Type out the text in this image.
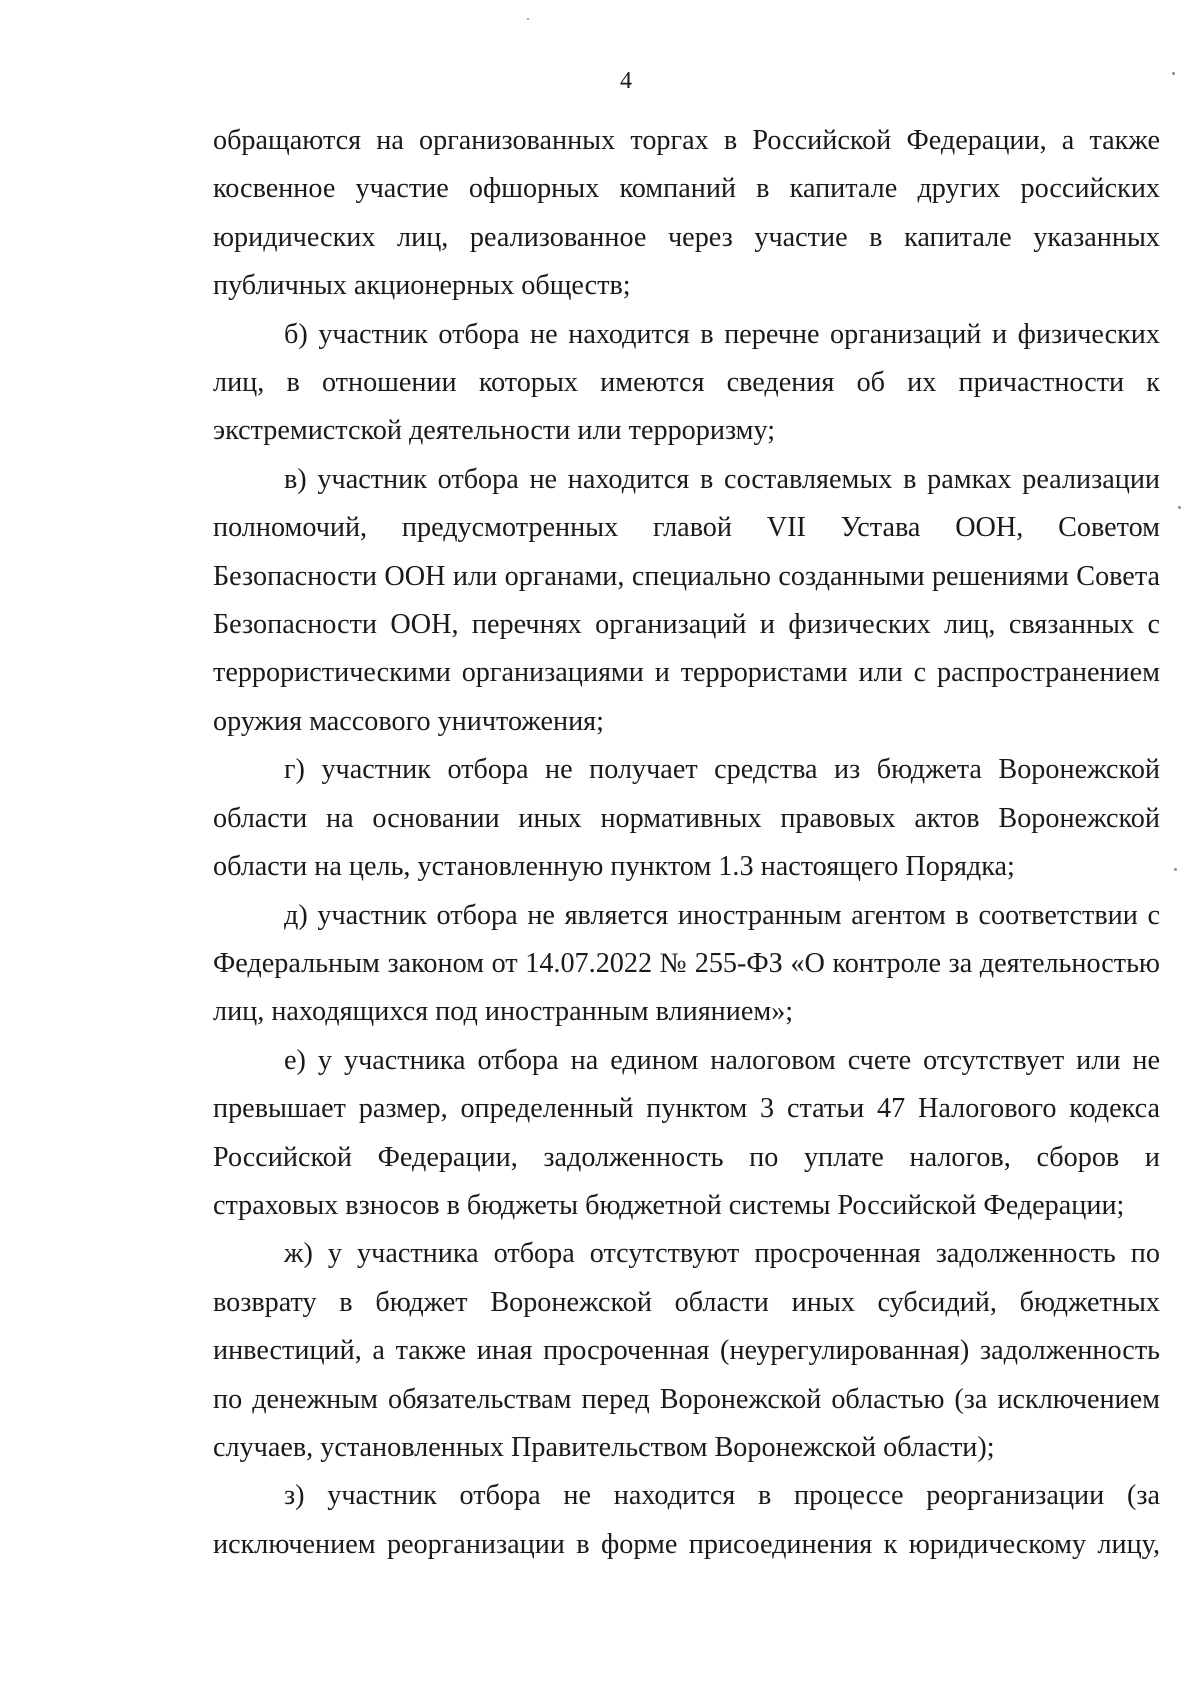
4

обращаются на организованных торгах в Российской Федерации, а также косвенное участие офшорных компаний в капитале других российских юридических лиц, реализованное через участие в капитале указанных публичных акционерных обществ;

б) участник отбора не находится в перечне организаций и физических лиц, в отношении которых имеются сведения об их причастности к экстремистской деятельности или терроризму;

в) участник отбора не находится в составляемых в рамках реализации полномочий, предусмотренных главой VII Устава ООН, Советом Безопасности ООН или органами, специально созданными решениями Совета Безопасности ООН, перечнях организаций и физических лиц, связанных с террористическими организациями и террористами или с распространением оружия массового уничтожения;

г) участник отбора не получает средства из бюджета Воронежской области на основании иных нормативных правовых актов Воронежской области на цель, установленную пунктом 1.3 настоящего Порядка;

д) участник отбора не является иностранным агентом в соответствии с Федеральным законом от 14.07.2022 № 255-ФЗ «О контроле за деятельностью лиц, находящихся под иностранным влиянием»;

е) у участника отбора на едином налоговом счете отсутствует или не превышает размер, определенный пунктом 3 статьи 47 Налогового кодекса Российской Федерации, задолженность по уплате налогов, сборов и страховых взносов в бюджеты бюджетной системы Российской Федерации;

ж) у участника отбора отсутствуют просроченная задолженность по возврату в бюджет Воронежской области иных субсидий, бюджетных инвестиций, а также иная просроченная (неурегулированная) задолженность по денежным обязательствам перед Воронежской областью (за исключением случаев, установленных Правительством Воронежской области);

з) участник отбора не находится в процессе реорганизации (за исключением реорганизации в форме присоединения к юридическому лицу,
